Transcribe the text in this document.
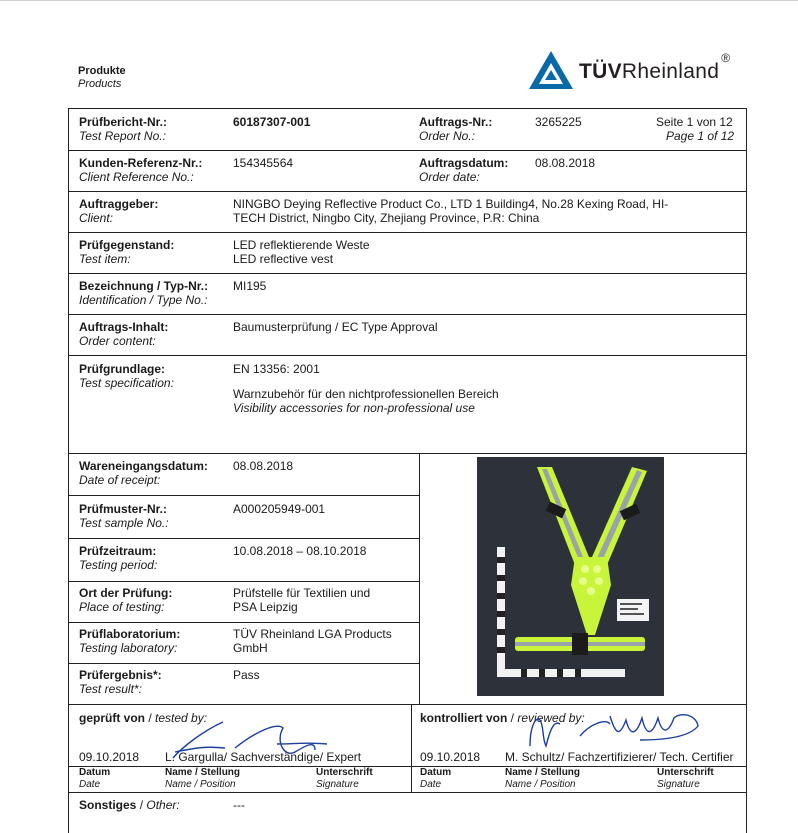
Produkte
Products
TÜVRheinland®
Prüfbericht-Nr.:
Test Report No.:
60187307-001	Auftrags-Nr.:
Order No.:
3265225	Seite 1 von 12
Page 1 of 12
Kunden-Referenz-Nr.:
Client Reference No.:
154345564	Auftragsdatum:
Order date:
08.08.2018
Auftraggeber:
Client:
NINGBO Deying Reflective Product Co., LTD 1 Building4, No.28 Kexing Road, HI-
TECH District, Ningbo City, Zhejiang Province, P.R: China
Prüfgegenstand:
Test item:
LED reflektierende Weste
LED reflective vest
Bezeichnung / Typ-Nr.:
Identification / Type No.:
MI195
Auftrags-Inhalt:
Order content:
Baumusterprüfung / EC Type Approval
Prüfgrundlage:
Test specification:
EN 13356: 2001
Warnzubehör für den nichtprofessionellen Bereich
Visibility accessories for non-professional use
Wareneingangsdatum:
Date of receipt:
08.08.2018
Prüfmuster-Nr.:
Test sample No.:
A000205949-001
Prüfzeitraum:
Testing period:
10.08.2018 – 08.10.2018
Ort der Prüfung:
Place of testing:
Prüfstelle für Textilien und
PSA Leipzig
Prüflaboratorium:
Testing laboratory:
TÜV Rheinland LGA Products
GmbH
Prüfergebnis*:
Test result*:
Pass
geprüft von / tested by:	kontrolliert von / reviewed by:
09.10.2018 L. Gargulla/ Sachverständige/ Expert	09.10.2018 M. Schultz/ Fachzertifizierer/ Tech. Certifier
Datum
Date
Name / Stellung
Name / Position
Unterschrift
Signature
Datum
Date
Name / Stellung
Name / Position
Unterschrift
Signature
Sonstiges / Other:	---
